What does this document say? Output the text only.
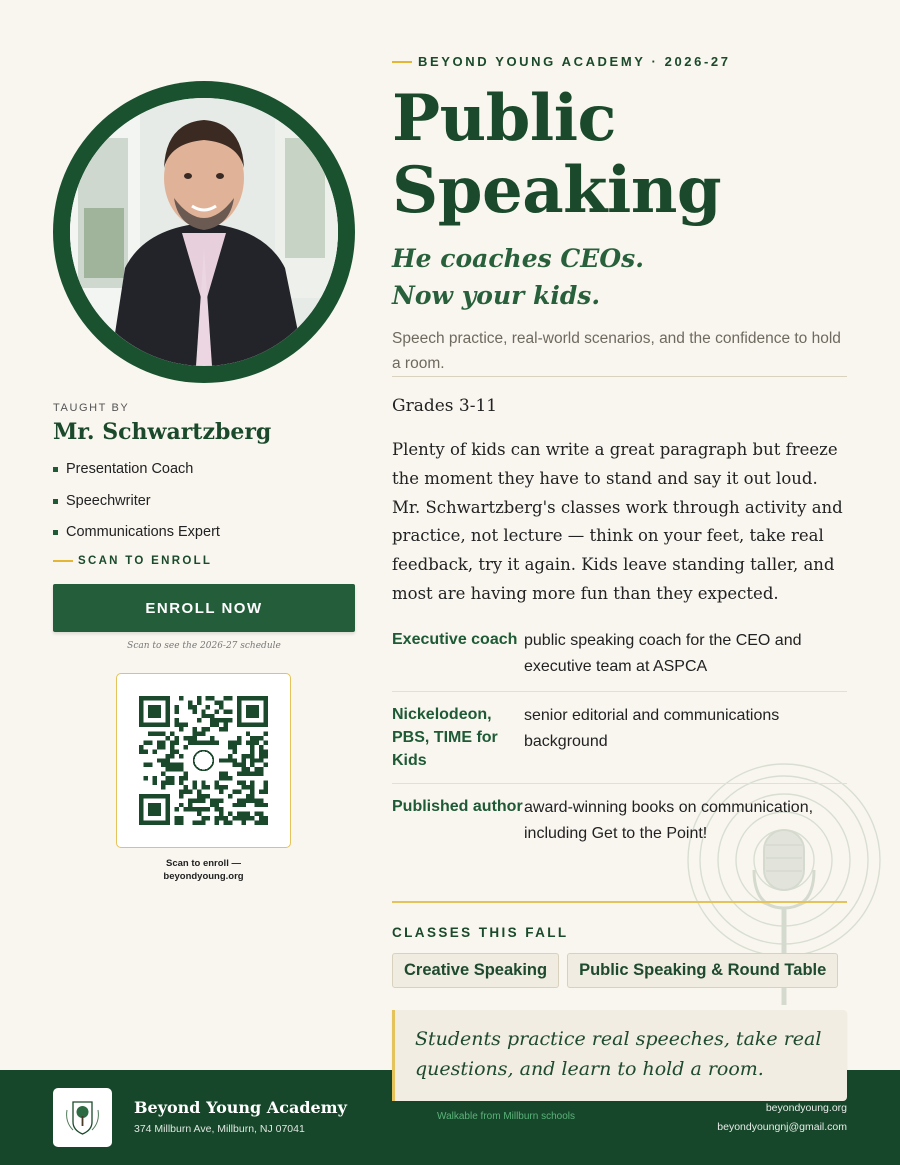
TAUGHT BY
Mr. Schwartzberg
Presentation Coach
Speechwriter
Communications Expert
SCAN TO ENROLL
ENROLL NOW
Scan to see the 2026-27 schedule
Scan to enroll —
beyondyoung.org
BEYOND YOUNG ACADEMY · 2026-27
Public
Speaking
He coaches CEOs.
Now your kids.

Speech practice, real-world scenarios, and the confidence to hold a room.

Grades 3-11

Plenty of kids can write a great paragraph but freeze the moment they have to stand and say it out loud. Mr. Schwartzberg's classes work through activity and practice, not lecture — think on your feet, take real feedback, try it again. Kids leave standing taller, and most are having more fun than they expected.

Executive coach public speaking coach for the CEO and executive team at ASPCA
Nickelodeon, PBS, TIME for Kids
senior editorial and communications background
Published author award-winning books on communication, including Get to the Point!
CLASSES THIS FALL
Creative Speaking	Public Speaking & Round Table
Students practice real speeches, take real questions, and learn to hold a room.
Beyond Young Academy
374 Millburn Ave, Millburn, NJ 07041
Walkable from Millburn schools
beyondyoung.org
beyondyoungnj@gmail.com
